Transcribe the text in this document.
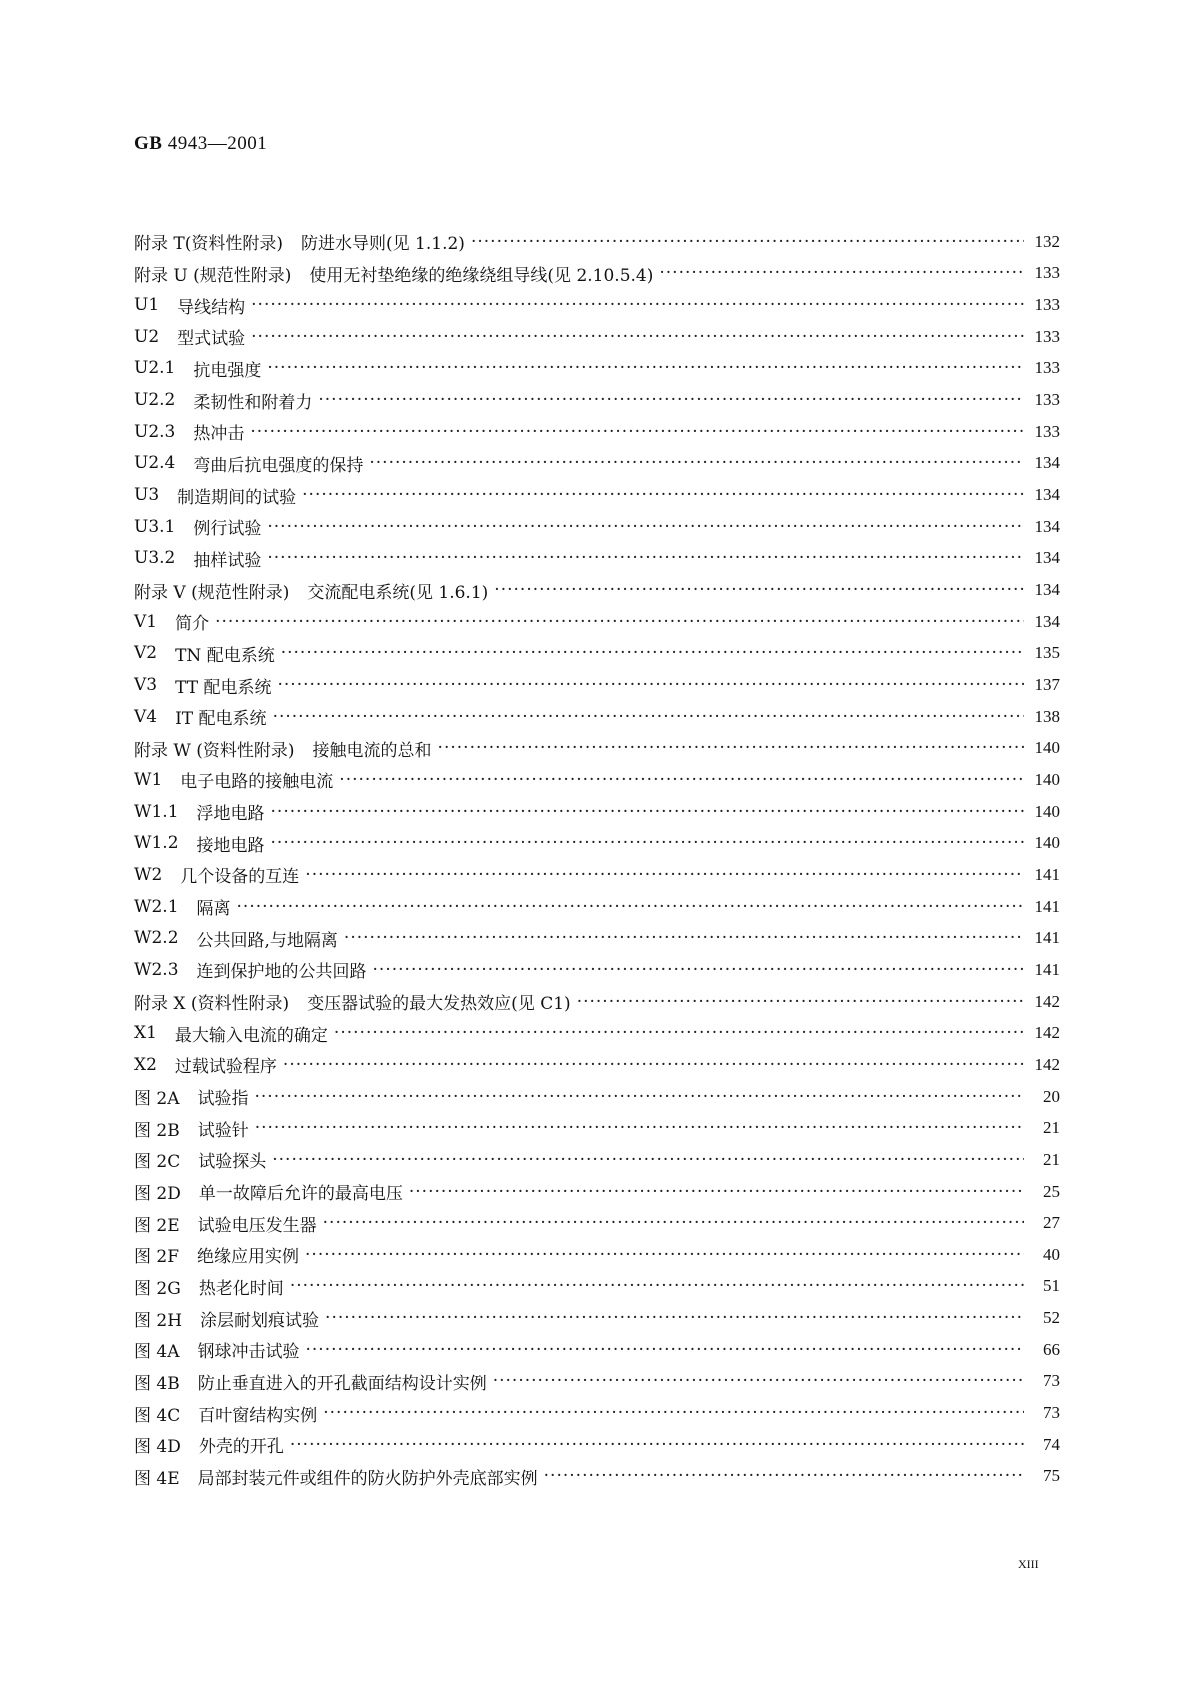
GB 4943—2001
附录 T(资料性附录) 防进水导则(见 1.1.2) ·····	132
附录 U (规范性附录) 使用无衬垫绝缘的绝缘绕组导线(见 2.10.5.4) ·····	133
U1 导线结构 ·····	133
U2 型式试验 ·····	133
U2.1 抗电强度 ·····	133
U2.2 柔韧性和附着力 ·····	133
U2.3 热冲击 ·····	133
U2.4 弯曲后抗电强度的保持 ·····	134
U3 制造期间的试验 ·····	134
U3.1 例行试验 ·····	134
U3.2 抽样试验 ·····	134
附录 V (规范性附录) 交流配电系统(见 1.6.1) ·····	134
V1 简介 ·····	134
V2 TN 配电系统 ·····	135
V3 TT 配电系统 ·····	137
V4 IT 配电系统 ·····	138
附录 W (资料性附录) 接触电流的总和 ·····	140
W1 电子电路的接触电流 ·····	140
W1.1 浮地电路 ·····	140
W1.2 接地电路 ·····	140
W2 几个设备的互连 ·····	141
W2.1 隔离 ·····	141
W2.2 公共回路,与地隔离 ·····	141
W2.3 连到保护地的公共回路 ·····	141
附录 X (资料性附录) 变压器试验的最大发热效应(见 C1) ·····	142
X1 最大输入电流的确定 ·····	142
X2 过载试验程序 ·····	142
图 2A 试验指 ·····	20
图 2B 试验针 ·····	21
图 2C 试验探头 ·····	21
图 2D 单一故障后允许的最高电压 ·····	25
图 2E 试验电压发生器 ·····	27
图 2F 绝缘应用实例 ·····	40
图 2G 热老化时间 ·····	51
图 2H 涂层耐划痕试验 ·····	52
图 4A 钢球冲击试验 ·····	66
图 4B 防止垂直进入的开孔截面结构设计实例 ·····	73
图 4C 百叶窗结构实例 ·····	73
图 4D 外壳的开孔 ·····	74
图 4E 局部封装元件或组件的防火防护外壳底部实例 ·····	75
XIII
